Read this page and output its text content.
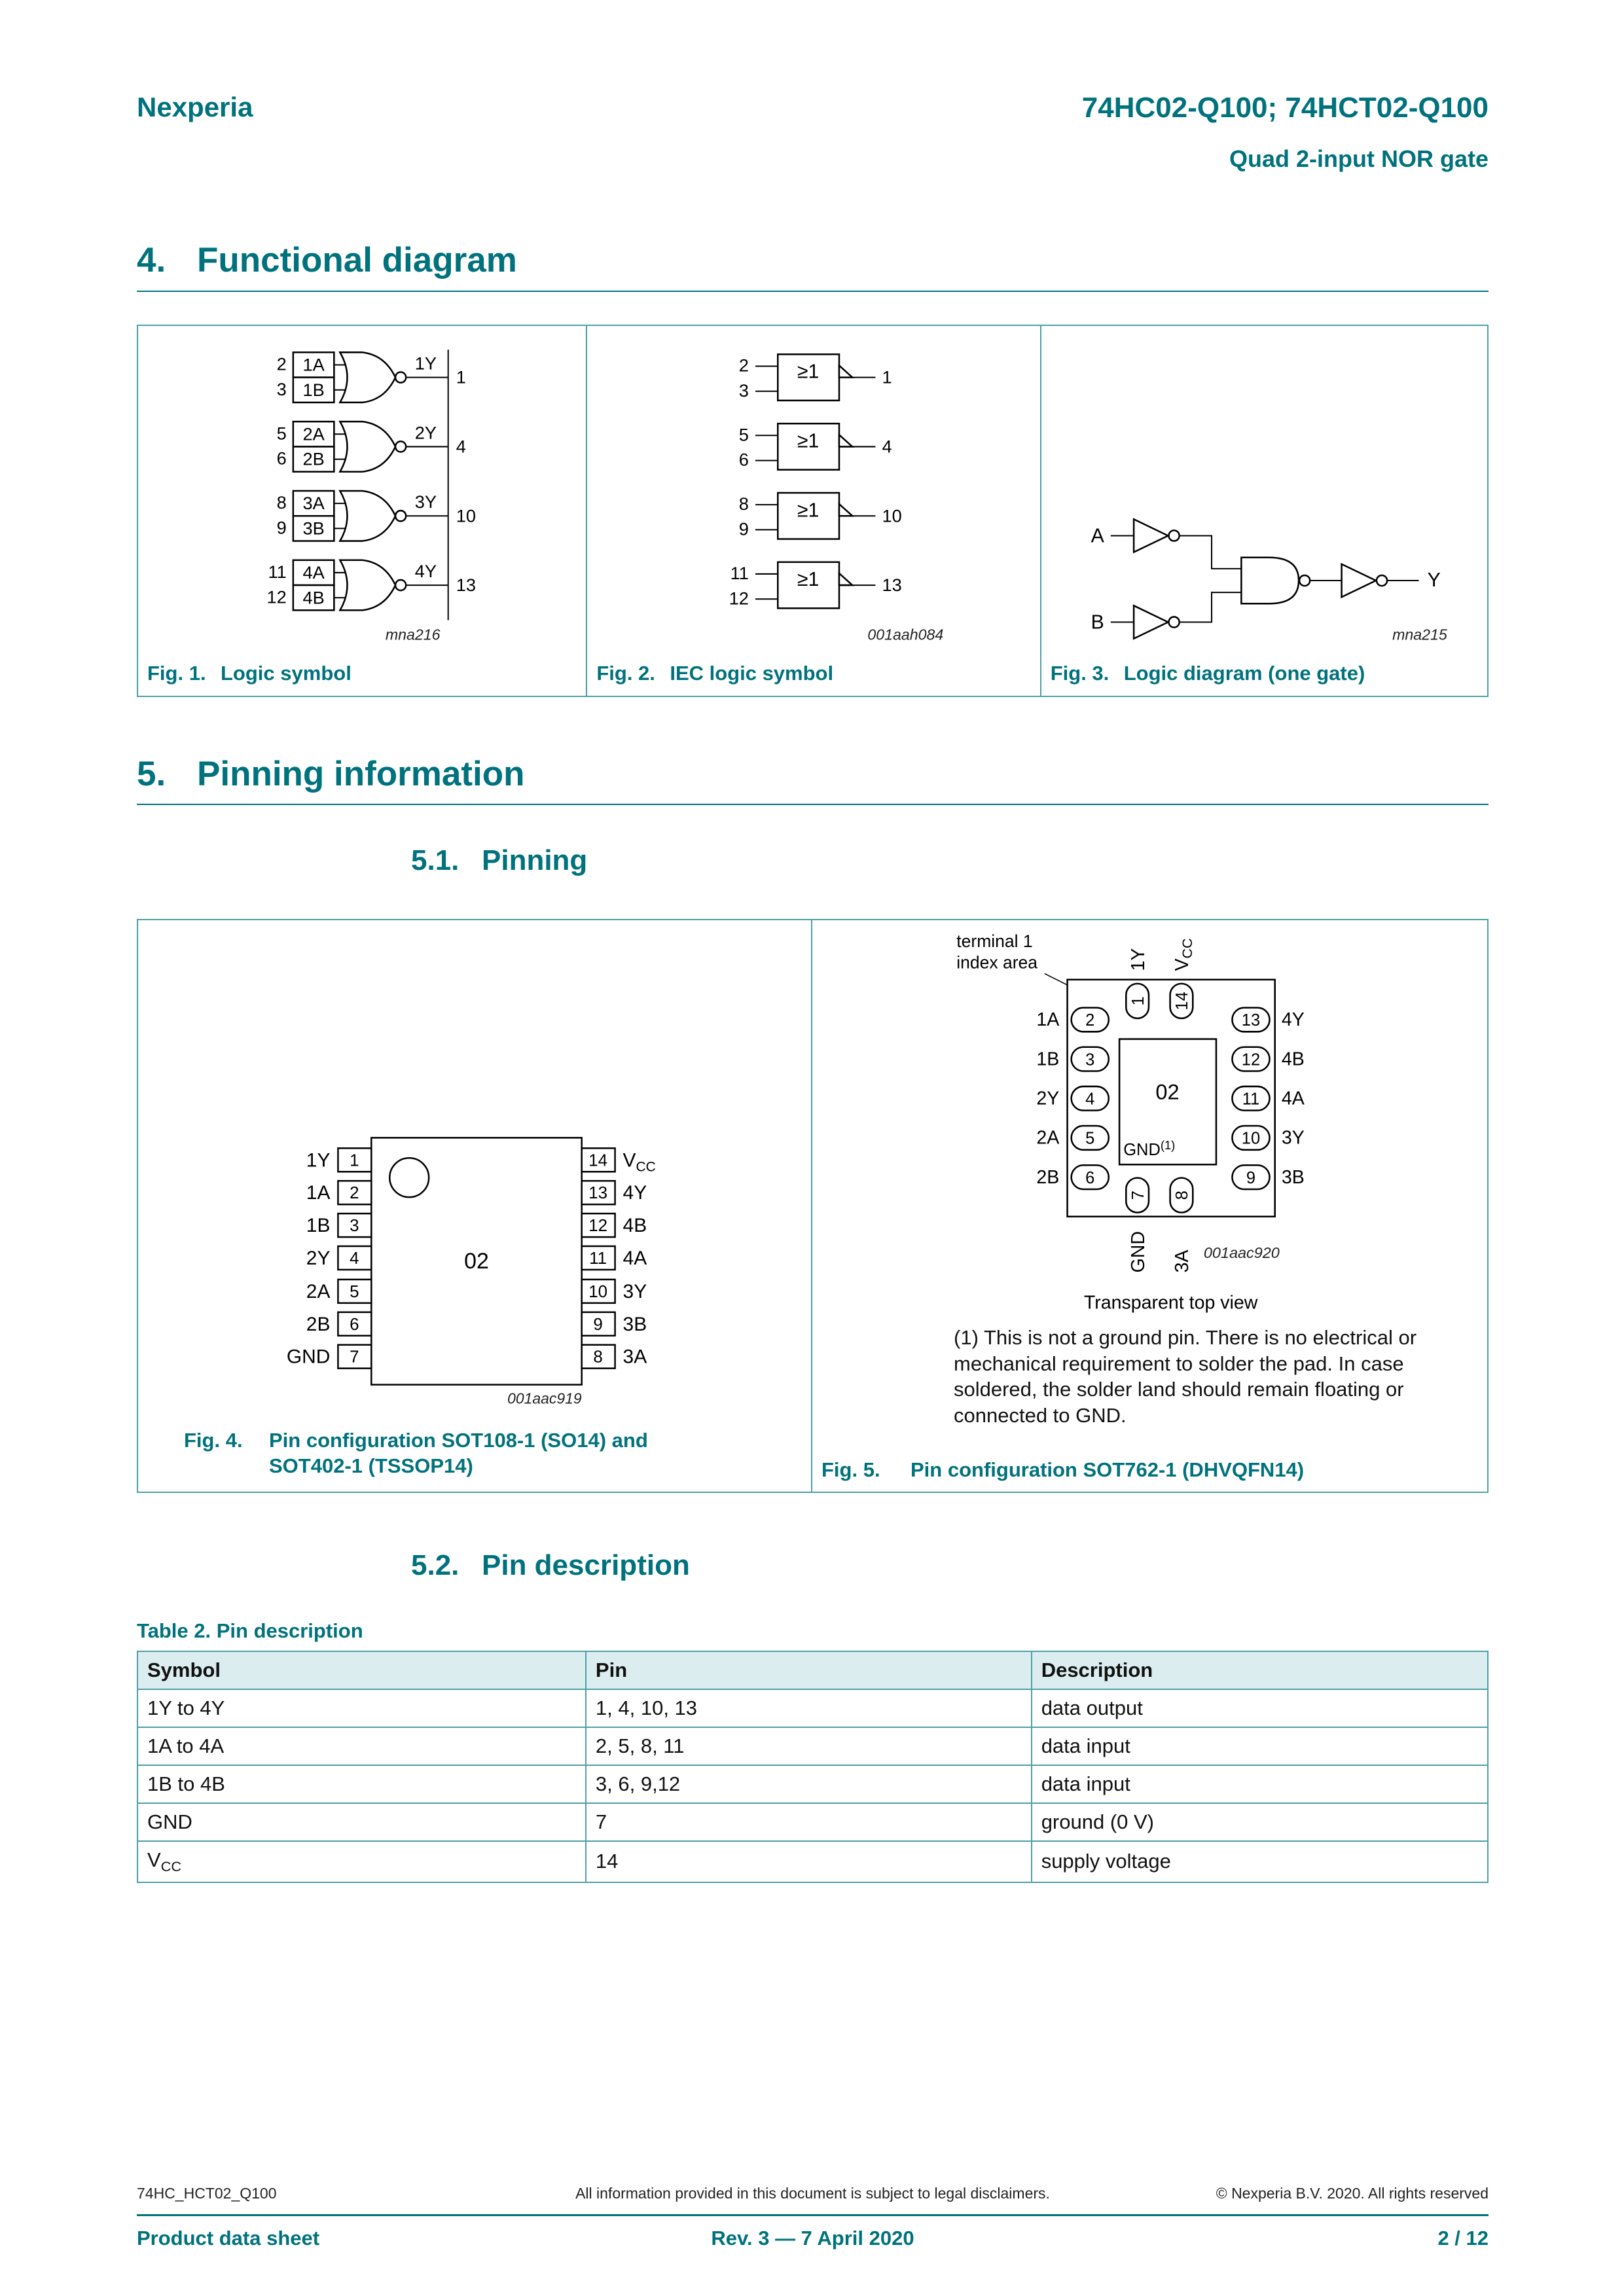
Nexperia	74HC02-Q100; 74HCT02-Q100
Quad 2-input NOR gate
4. Functional diagram
2
3
1A
1B
1Y
1
5
6
2A
2B
2Y
4
8
9
3A
3B
3Y
10
11
12
4A
4B
4Y
13
mna216
Fig. 1. Logic symbol
2
3
≥1	1
5
6
≥1	4
8
9
≥1	10
11
12
≥1	13
001aah084
Fig. 2. IEC logic symbol
A
B
Y
mna215
Fig. 3. Logic diagram (one gate)
5. Pinning information
5.1. Pinning
02
1Y 1
1A 2
1B 3
2Y 4
2A 5
2B 6
GND 7
14 $V_{CC}$
13 4Y
12 4B
11 4A
10 3Y
9 3B
8 3A
001aac919
Fig. 4.	Pin configuration SOT108-1 (SO14) and
SOT402-1 (TSSOP14)
terminal 1
index area
02
GND$^{(1)}$
1 14
1Y $V_{CC}$
1A 2
1B 3
2Y 4
2A 5
2B 6
13 4Y
12 4B
11 4A
10 3Y
9 3B
7 8
GND 3A 001aac920
Transparent top view
(1) This is not a ground pin. There is no electrical or mechanical requirement to solder the pad. In case soldered, the solder land should remain floating or connected to GND.
Fig. 5.	Pin configuration SOT762-1 (DHVQFN14)
5.2. Pin description
Table 2. Pin description
Symbol	Pin	Description
1Y to 4Y	1, 4, 10, 13	data output
1A to 4A	2, 5, 8, 11	data input
1B to 4B	3, 6, 9,12	data input
GND	7	ground (0 V)
$V_{CC}$	14	supply voltage
74HC_HCT02_Q100	All information provided in this document is subject to legal disclaimers.	© Nexperia B.V. 2020. All rights reserved
Product data sheet	Rev. 3 — 7 April 2020	2 / 12
